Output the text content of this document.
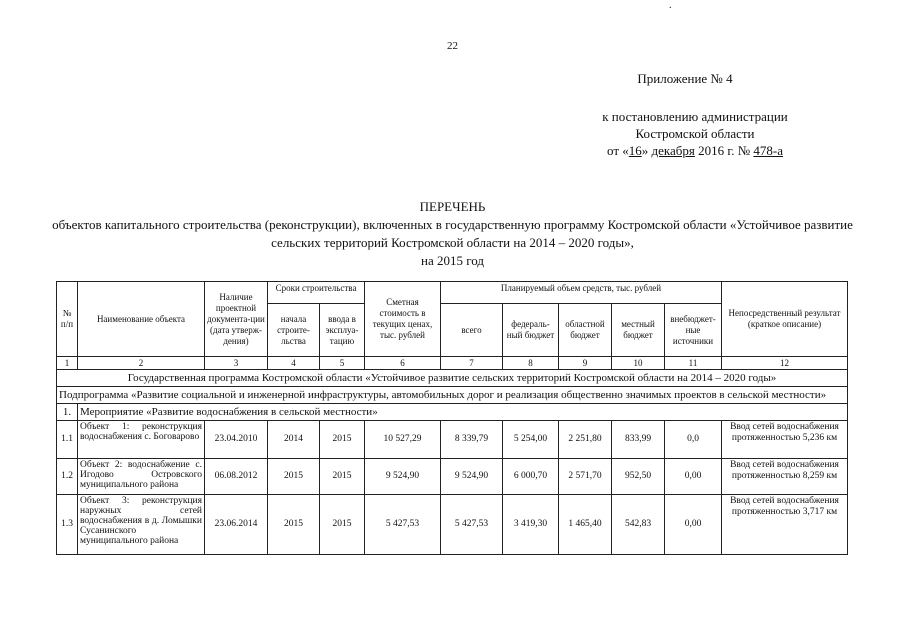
.
22
Приложение № 4
к постановлению администрации
Костромской области
от «16» декабря 2016 г. № 478-а
ПЕРЕЧЕНЬ
объектов капитального строительства (реконструкции), включенных в государственную программу Костромской области «Устойчивое развитие сельских территорий Костромской области на 2014 – 2020 годы»,
на 2015 год
№ п/п	Наименование объекта	Наличие проектной документа-ции (дата утверж-дения)	Сроки строительства		Сметная стоимость в текущих ценах, тыс. рублей	Планируемый объем средств, тыс. рублей					Непосредственный результат (краткое описание)
			начала строите-льства	ввода в эксплуа-тацию		всего	федераль-ный бюджет	областной бюджет	местный бюджет	внебюджет-ные источники	
1	2	3	4	5	6	7	8	9	10	11	12
Государственная программа Костромской области «Устойчивое развитие сельских территорий Костромской области на 2014 – 2020 годы»											
Подпрограмма «Развитие социальной и инженерной инфраструктуры, автомобильных дорог и реализация общественно значимых проектов в сельской местности»											
1.	Мероприятие «Развитие водоснабжения в сельской местности»										
1.1	Объект 1: реконструкция водоснабжения с. Боговарово	23.04.2010	2014	2015	10 527,29	8 339,79	5 254,00	2 251,80	833,99	0,0	Ввод сетей водоснабжения протяженностью 5,236 км
1.2	Объект 2: водоснабжение с. Игодово Островского муниципального района	06.08.2012	2015	2015	9 524,90	9 524,90	6 000,70	2 571,70	952,50	0,00	Ввод сетей водоснабжения протяженностью 8,259 км
1.3	Объект 3: реконструкция наружных сетей водоснабжения в д. Ломышки Сусанинского муниципального района	23.06.2014	2015	2015	5 427,53	5 427,53	3 419,30	1 465,40	542,83	0,00	Ввод сетей водоснабжения протяженностью 3,717 км
